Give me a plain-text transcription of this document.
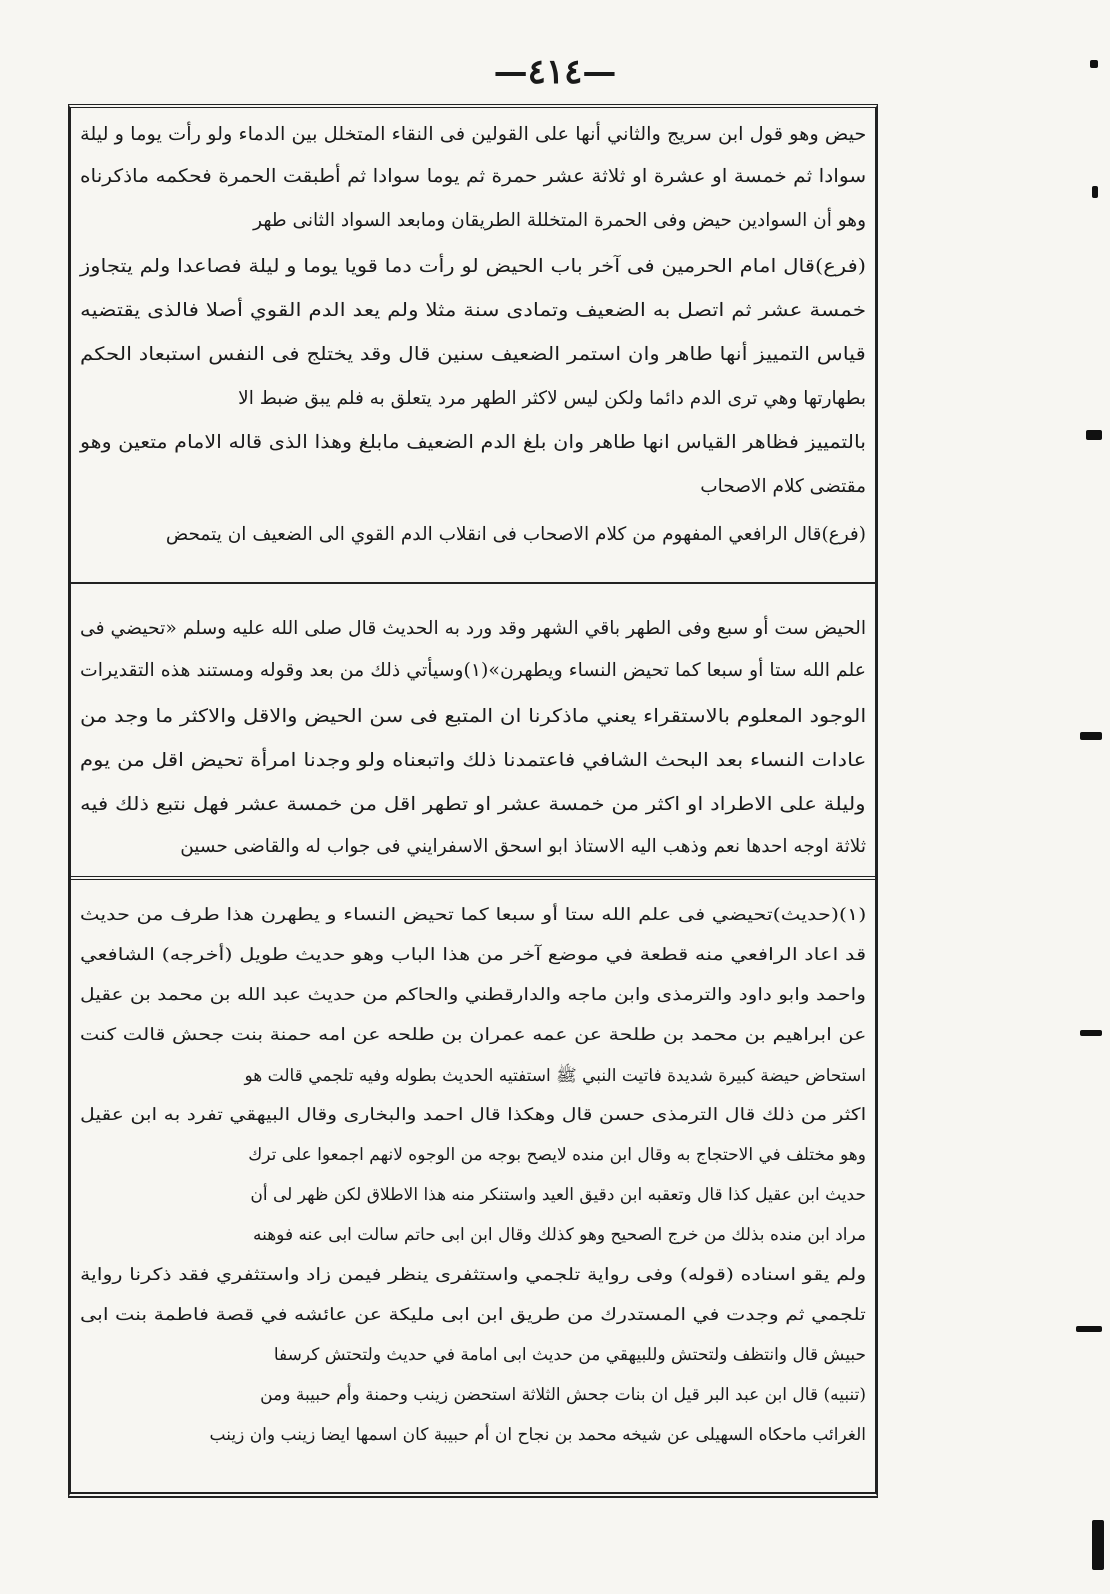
—٤١٤—
حيض وهو قول ابن سريج والثاني أنها على القولين فى النقاء المتخلل بين الدماء ولو رأت يوما و ليلة
سوادا ثم خمسة او عشرة او ثلاثة عشر حمرة ثم يوما سوادا ثم أطبقت الحمرة فحكمه ماذكرناه
وهو أن السوادين حيض وفى الحمرة المتخللة الطريقان ومابعد السواد الثانى طهر
(فرع)قال امام الحرمين فى آخر باب الحيض لو رأت دما قويا يوما و ليلة فصاعدا ولم يتجاوز
خمسة عشر ثم اتصل به الضعيف وتمادى سنة مثلا ولم يعد الدم القوي أصلا فالذى يقتضيه
قياس التمييز أنها طاهر وان استمر الضعيف سنين قال وقد يختلج فى النفس استبعاد الحكم
بطهارتها وهي ترى الدم دائما ولكن ليس لاكثر الطهر مرد يتعلق به فلم يبق ضبط الا
بالتمييز فظاهر القياس انها طاهر وان بلغ الدم الضعيف مابلغ وهذا الذى قاله الامام متعين وهو
مقتضى كلام الاصحاب
(فرع)قال الرافعي المفهوم من كلام الاصحاب فى انقلاب الدم القوي الى الضعيف ان يتمحض
الحيض ست أو سبع وفى الطهر باقي الشهر وقد ورد به الحديث قال صلى الله عليه وسلم «تحيضي فى
علم الله ستا أو سبعا كما تحيض النساء ويطهرن»(١)وسيأتي ذلك من بعد وقوله ومستند هذه التقديرات
الوجود المعلوم بالاستقراء يعني ماذكرنا ان المتبع فى سن الحيض والاقل والاكثر ما وجد من
عادات النساء بعد البحث الشافي فاعتمدنا ذلك واتبعناه ولو وجدنا امرأة تحيض اقل من يوم
وليلة على الاطراد او اكثر من خمسة عشر او تطهر اقل من خمسة عشر فهل نتبع ذلك فيه
ثلاثة اوجه احدها نعم وذهب اليه الاستاذ ابو اسحق الاسفرايني فى جواب له والقاضى حسين
(١)(حديث)تحيضي فى علم الله ستا أو سبعا كما تحيض النساء و يطهرن هذا طرف من حديث
قد اعاد الرافعي منه قطعة في موضع آخر من هذا الباب وهو حديث طويل (أخرجه) الشافعي
واحمد وابو داود والترمذى وابن ماجه والدارقطني والحاكم من حديث عبد الله بن محمد بن عقيل
عن ابراهيم بن محمد بن طلحة عن عمه عمران بن طلحه عن امه حمنة بنت جحش قالت كنت
استحاض حيضة كبيرة شديدة فاتيت النبي ﷺ استفتيه الحديث بطوله وفيه تلجمي قالت هو
اكثر من ذلك قال الترمذى حسن قال وهكذا قال احمد والبخارى وقال البيهقي تفرد به ابن عقيل
وهو مختلف في الاحتجاج به وقال ابن منده لايصح بوجه من الوجوه لانهم اجمعوا على ترك
حديث ابن عقيل كذا قال وتعقبه ابن دقيق العيد واستنكر منه هذا الاطلاق لكن ظهر لى أن
مراد ابن منده بذلك من خرج الصحيح وهو كذلك وقال ابن ابى حاتم سالت ابى عنه فوهنه
ولم يقو اسناده (قوله) وفى رواية تلجمي واستثفرى ينظر فيمن زاد واستثفري فقد ذكرنا رواية
تلجمي ثم وجدت في المستدرك من طريق ابن ابى مليكة عن عائشه في قصة فاطمة بنت ابى
حبيش قال وانتظف ولتحتش وللبيهقي من حديث ابى امامة في حديث ولتحتش كرسفا
(تنبيه) قال ابن عبد البر قيل ان بنات جحش الثلاثة استحضن زينب وحمنة وأم حبيبة ومن
الغرائب ماحكاه السهيلى عن شيخه محمد بن نجاح ان أم حبيبة كان اسمها ايضا زينب وان زينب
